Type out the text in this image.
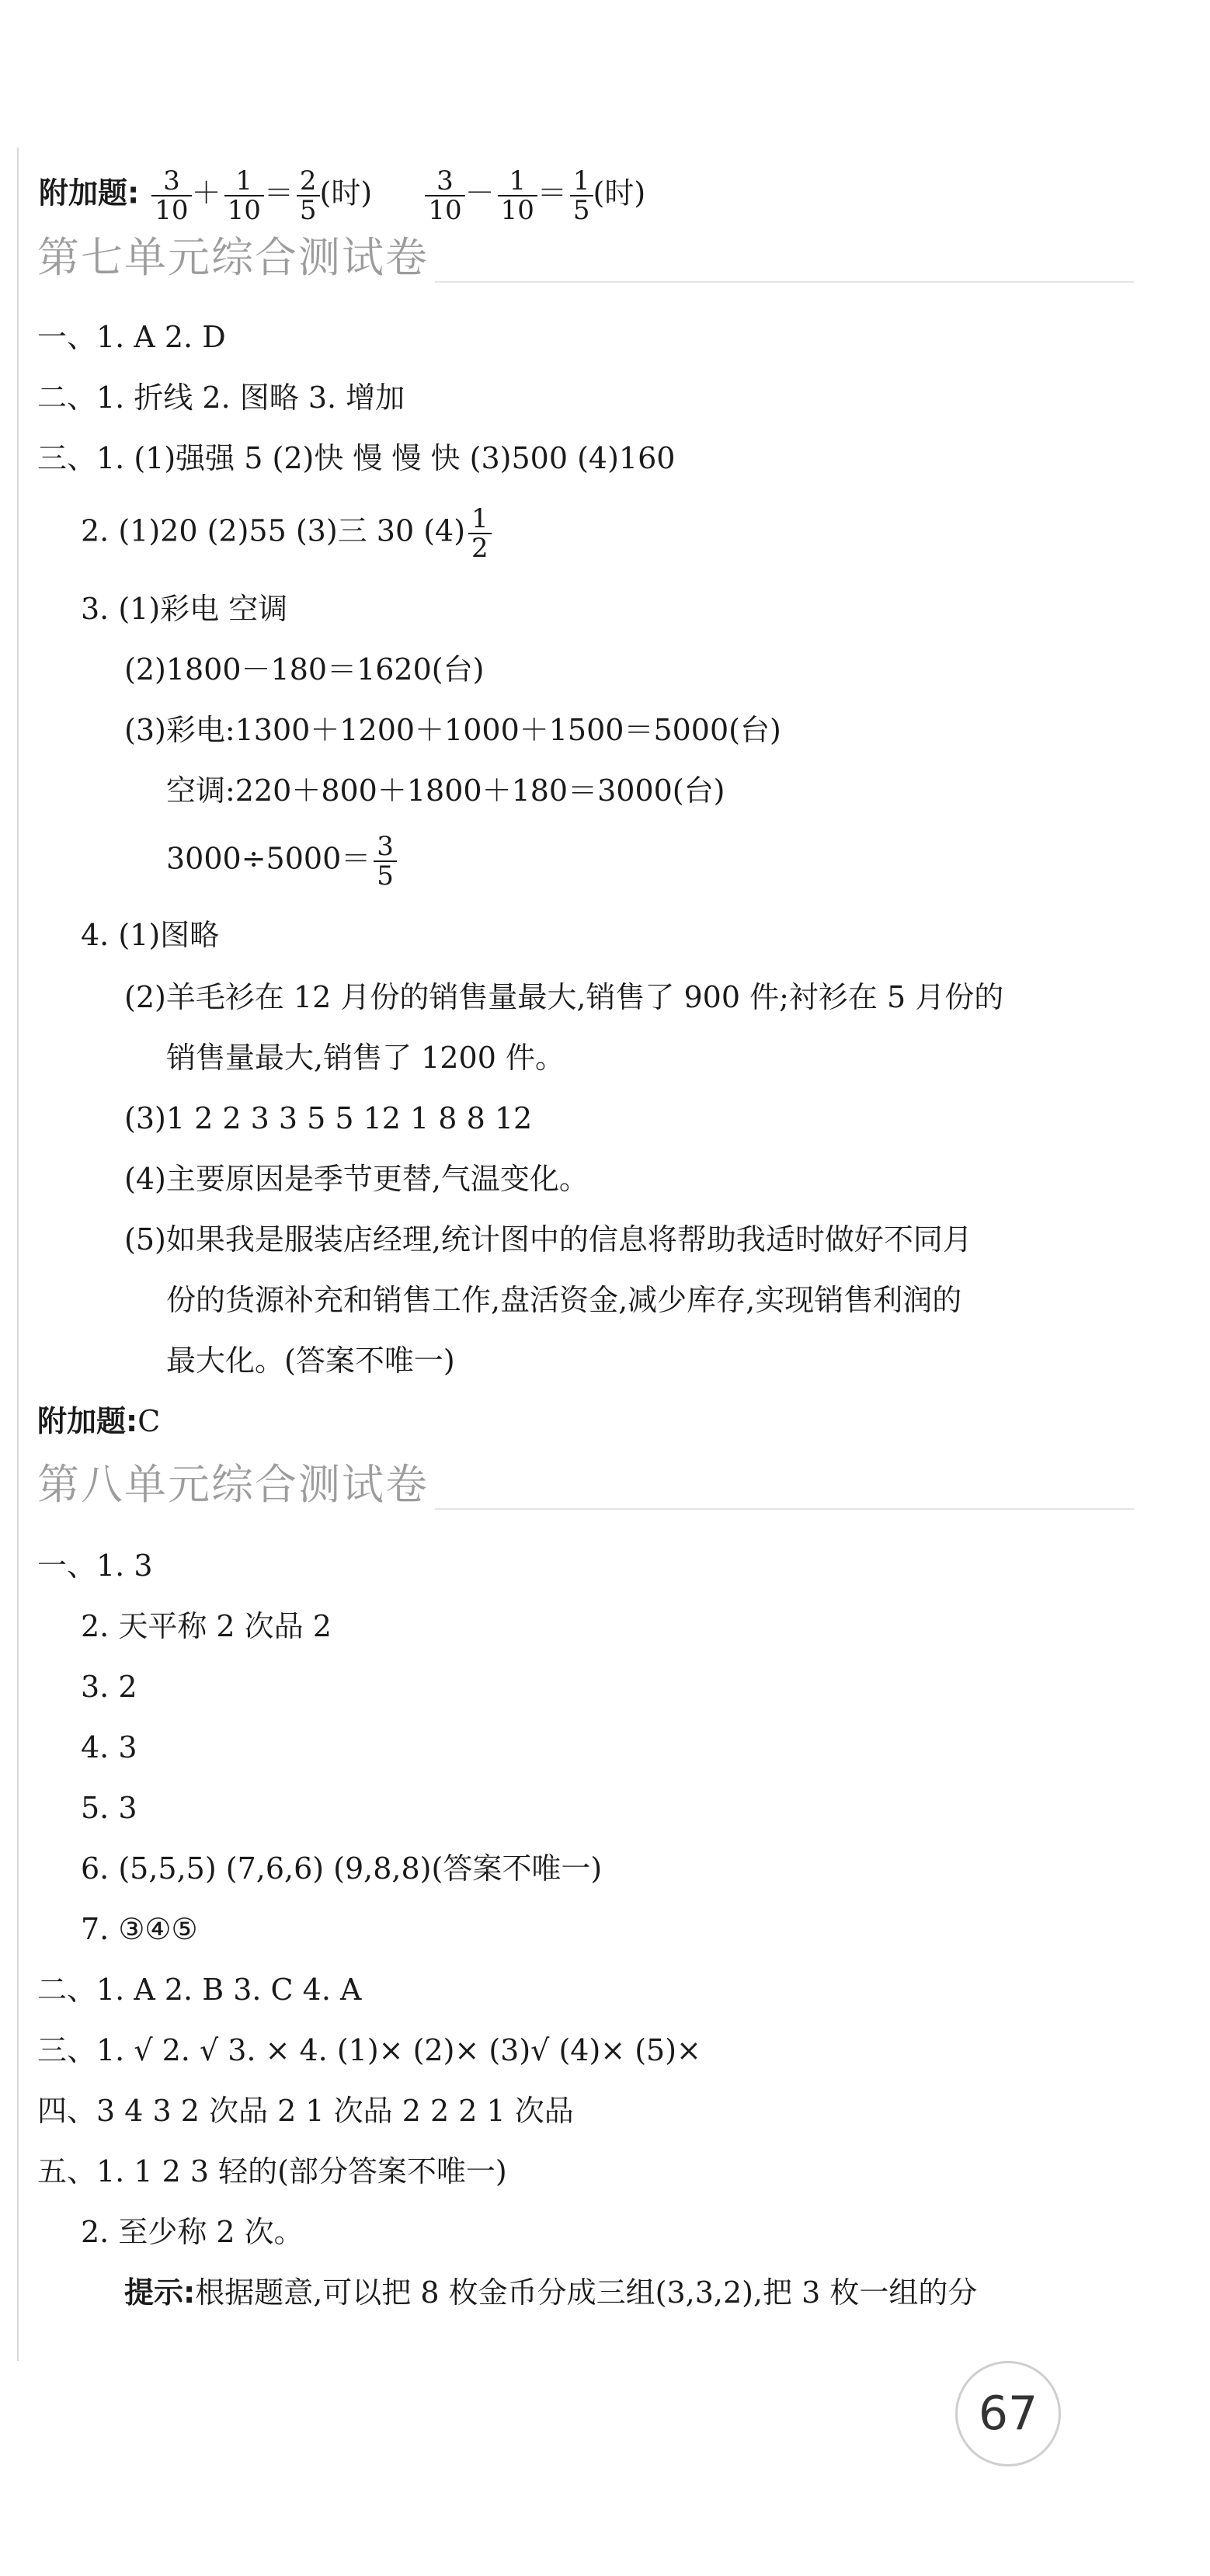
附加题: $\frac{3}{10} + \frac{1}{10} = \frac{2}{5}$ (时) $\frac{3}{10} - \frac{1}{10} = \frac{1}{5}$ (时)
第七单元综合测试卷
一、1. A 2. D
二、1. 折线 2. 图略 3. 增加
三、1. (1)强强 5 (2)快 慢 慢 快 (3)500 (4)160
2. (1)20 (2)55 (3)三 30 $(4) \frac{1}{2}$
3. (1)彩电 空调
(2)1800－180＝1620(台)
(3)彩电:1300＋1200＋1000＋1500＝5000(台)
空调:220＋800＋1800＋180＝3000(台)
$3000\div 5000= \frac{3}{5}$
4. (1)图略
(2)羊毛衫在 12 月份的销售量最大,销售了 900 件;衬衫在 5 月份的
销售量最大,销售了 1200 件。
(3)1 2 2 3 3 5 5 12 1 8 8 12
(4)主要原因是季节更替,气温变化。
(5)如果我是服装店经理,统计图中的信息将帮助我适时做好不同月
份的货源补充和销售工作,盘活资金,减少库存,实现销售利润的
最大化。(答案不唯一)
附加题:C
第八单元综合测试卷
一、1. 3
2. 天平称 2 次品 2
3. 2
4. 3
5. 3
6. (5,5,5) (7,6,6) (9,8,8)(答案不唯一)
7. ③④⑤
二、1. A 2. B 3. C 4. A
三、1. √ 2. √ 3. × 4. (1)× (2)× (3)√ (4)× (5)×
四、3 4 3 2 次品 2 1 次品 2 2 2 1 次品
五、1. 1 2 3 轻的(部分答案不唯一)
2. 至少称 2 次。
提示:根据题意,可以把 8 枚金币分成三组(3,3,2),把 3 枚一组的分
67
